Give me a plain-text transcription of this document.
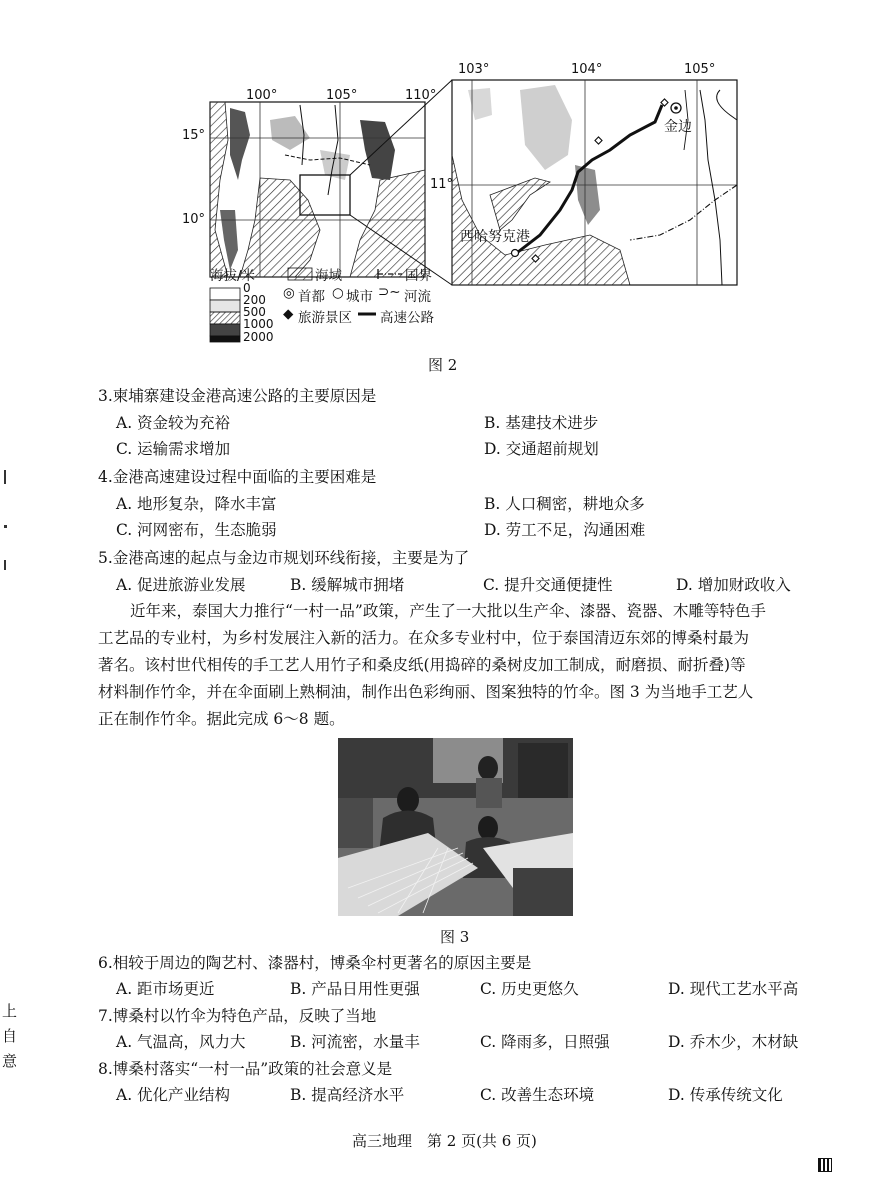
100°	105°	110°
15°
10°
103°	104°	105°
11°
金边
西哈努克港
海拔/米
0
200
500
1000
2000
海域	国界
◎ 首都 ○ 城市 ⊃~ 河流
◆ 旅游景区 高速公路
图 2
3.柬埔寨建设金港高速公路的主要原因是
A. 资金较为充裕	B. 基建技术进步
C. 运输需求增加	D. 交通超前规划
4.金港高速建设过程中面临的主要困难是
A. 地形复杂，降水丰富	B. 人口稠密，耕地众多
C. 河网密布，生态脆弱	D. 劳工不足，沟通困难
5.金港高速的起点与金边市规划环线衔接，主要是为了
A. 促进旅游业发展	B. 缓解城市拥堵	C. 提升交通便捷性	D. 增加财政收入
近年来，泰国大力推行“一村一品”政策，产生了一大批以生产伞、漆器、瓷器、木雕等特色手
工艺品的专业村，为乡村发展注入新的活力。在众多专业村中，位于泰国清迈东郊的博桑村最为
著名。该村世代相传的手工艺人用竹子和桑皮纸(用捣碎的桑树皮加工制成，耐磨损、耐折叠)等
材料制作竹伞，并在伞面刷上熟桐油，制作出色彩绚丽、图案独特的竹伞。图 3 为当地手工艺人
正在制作竹伞。据此完成 6～8 题。
图 3
6.相较于周边的陶艺村、漆器村，博桑伞村更著名的原因主要是
A. 距市场更近	B. 产品日用性更强	C. 历史更悠久	D. 现代工艺水平高
7.博桑村以竹伞为特色产品，反映了当地
A. 气温高，风力大	B. 河流密，水量丰	C. 降雨多，日照强	D. 乔木少，木材缺
8.博桑村落实“一村一品”政策的社会意义是
A. 优化产业结构	B. 提高经济水平	C. 改善生态环境	D. 传承传统文化
高三地理　第 2 页(共 6 页)
上
自
意
